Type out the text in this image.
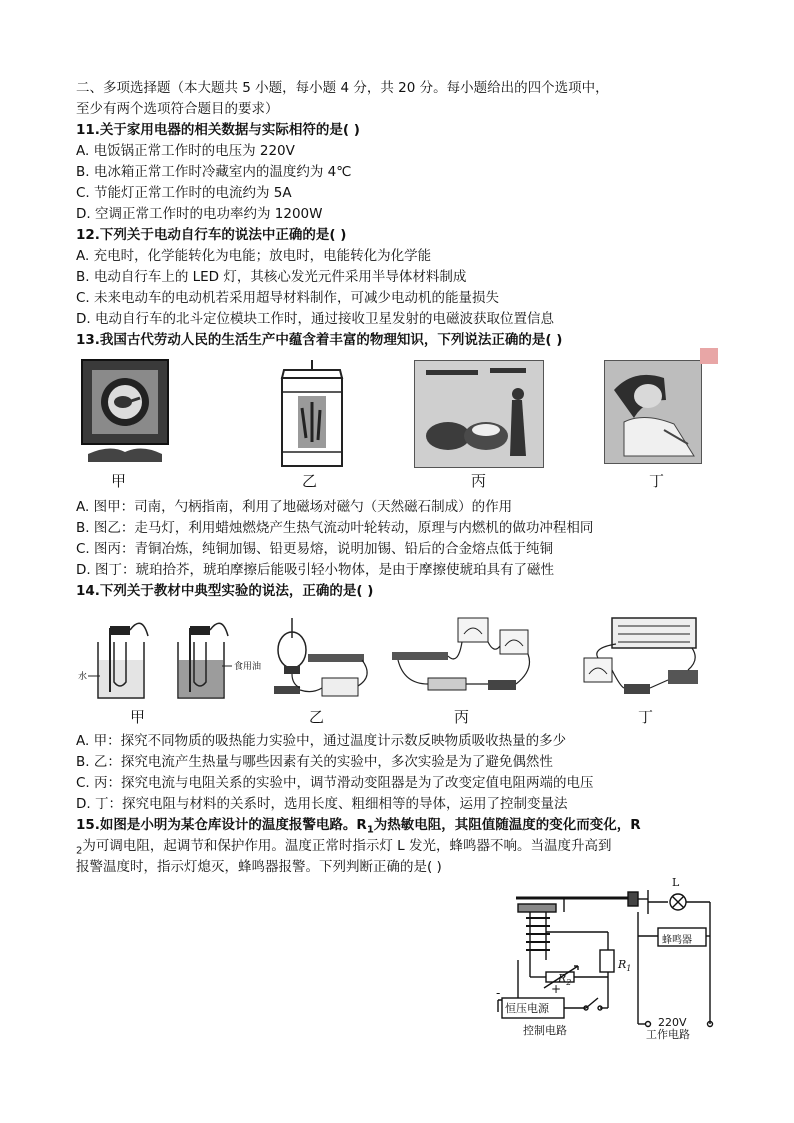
二、多项选择题（本大题共 5 小题，每小题 4 分，共 20 分。每小题给出的四个选项中，
至少有两个选项符合题目的要求）
11.关于家用电器的相关数据与实际相符的是( )
A. 电饭锅正常工作时的电压为 220V
B. 电冰箱正常工作时冷藏室内的温度约为 4℃
C. 节能灯正常工作时的电流约为 5A
D. 空调正常工作时的电功率约为 1200W
12.下列关于电动自行车的说法中正确的是( )
A. 充电时，化学能转化为电能；放电时，电能转化为化学能
B. 电动自行车上的 LED 灯，其核心发光元件采用半导体材料制成
C. 未来电动车的电动机若采用超导材料制作，可减少电动机的能量损失
D. 电动自行车的北斗定位模块工作时，通过接收卫星发射的电磁波获取位置信息
13.我国古代劳动人民的生活生产中蕴含着丰富的物理知识，下列说法正确的是( )
甲	乙	丙	丁
A. 图甲：司南，勺柄指南，利用了地磁场对磁勺（天然磁石制成）的作用
B. 图乙：走马灯，利用蜡烛燃烧产生热气流动叶轮转动，原理与内燃机的做功冲程相同
C. 图丙：青铜冶炼，纯铜加锡、铅更易熔，说明加锡、铅后的合金熔点低于纯铜
D. 图丁：琥珀拾芥，琥珀摩擦后能吸引轻小物体，是由于摩擦使琥珀具有了磁性
14.下列关于教材中典型实验的说法，正确的是( )
水
食用油
甲	乙	丙	丁
A. 甲：探究不同物质的吸热能力实验中，通过温度计示数反映物质吸收热量的多少
B. 乙：探究电流产生热量与哪些因素有关的实验中，多次实验是为了避免偶然性
C. 丙：探究电流与电阻关系的实验中，调节滑动变阻器是为了改变定值电阻两端的电压
D. 丁：探究电阻与材料的关系时，选用长度、粗细相等的导体，运用了控制变量法
15.如图是小明为某仓库设计的温度报警电路。$R_1$为热敏电阻，其阻值随温度的变化而变化，R
$_2$为可调电阻，起调节和保护作用。温度正常时指示灯 L 发光，蜂鸣器不响。当温度升高到
报警温度时，指示灯熄灭，蜂鸣器报警。下列判断正确的是( )
L
蜂鸣器
$R_1$
$R_2$
-	+
恒压电源
220V
控制电路	工作电路
